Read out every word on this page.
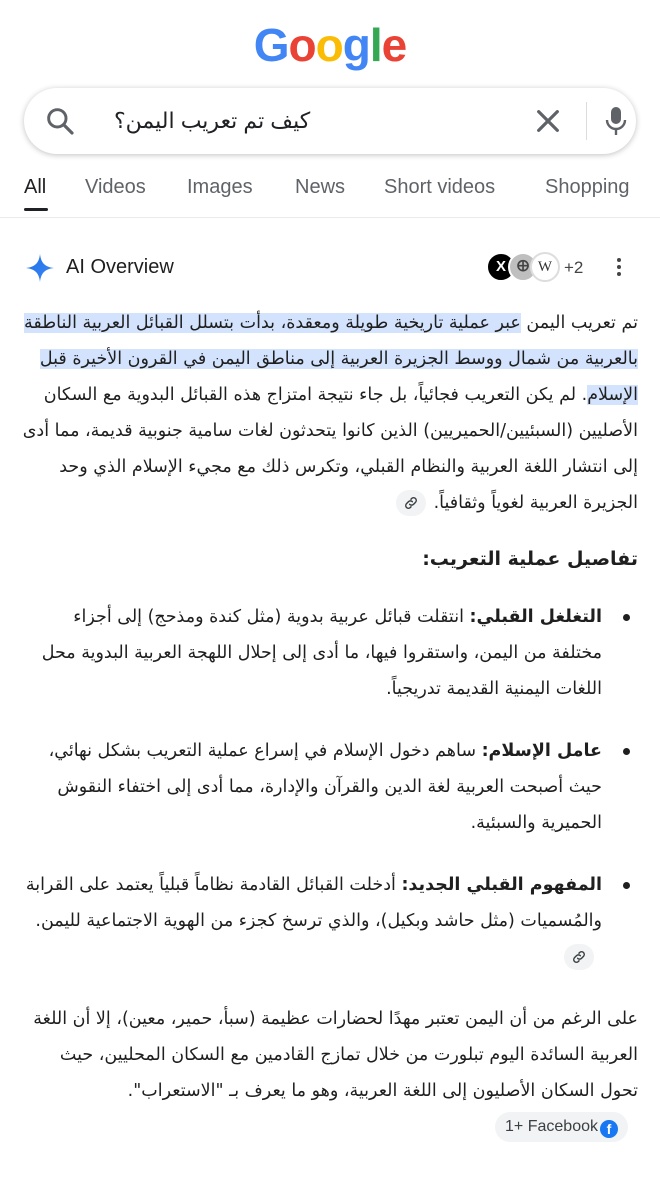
Google
كيف تم تعريب اليمن؟
All Videos Images News Short videos Shopping
AI Overview	X 🜨 W +2

تم تعريب اليمن عبر عملية تاريخية طويلة ومعقدة، بدأت بتسلل القبائل العربية الناطقة بالعربية من شمال ووسط الجزيرة العربية إلى مناطق اليمن في القرون الأخيرة قبل الإسلام. لم يكن التعريب فجائياً، بل جاء نتيجة امتزاج هذه القبائل البدوية مع السكان الأصليين (السبئيين/الحميريين) الذين كانوا يتحدثون لغات سامية جنوبية قديمة، مما أدى إلى انتشار اللغة العربية والنظام القبلي، وتكرس ذلك مع مجيء الإسلام الذي وحد الجزيرة العربية لغوياً وثقافياً.

تفاصيل عملية التعريب:

التغلغل القبلي: انتقلت قبائل عربية بدوية (مثل كندة ومذحج) إلى أجزاء مختلفة من اليمن، واستقروا فيها، ما أدى إلى إحلال اللهجة العربية البدوية محل اللغات اليمنية القديمة تدريجياً.
عامل الإسلام: ساهم دخول الإسلام في إسراع عملية التعريب بشكل نهائي، حيث أصبحت العربية لغة الدين والقرآن والإدارة، مما أدى إلى اختفاء النقوش الحميرية والسبئية.
المفهوم القبلي الجديد: أدخلت القبائل القادمة نظاماً قبلياً يعتمد على القرابة والمُسميات (مثل حاشد وبكيل)، والذي ترسخ كجزء من الهوية الاجتماعية لليمن.

على الرغم من أن اليمن تعتبر مهدًا لحضارات عظيمة (سبأ، حمير، معين)، إلا أن اللغة العربية السائدة اليوم تبلورت من خلال تمازج القادمين مع السكان المحليين، حيث تحول السكان الأصليون إلى اللغة العربية، وهو ما يعرف بـ "الاستعراب".1+ Facebook f
